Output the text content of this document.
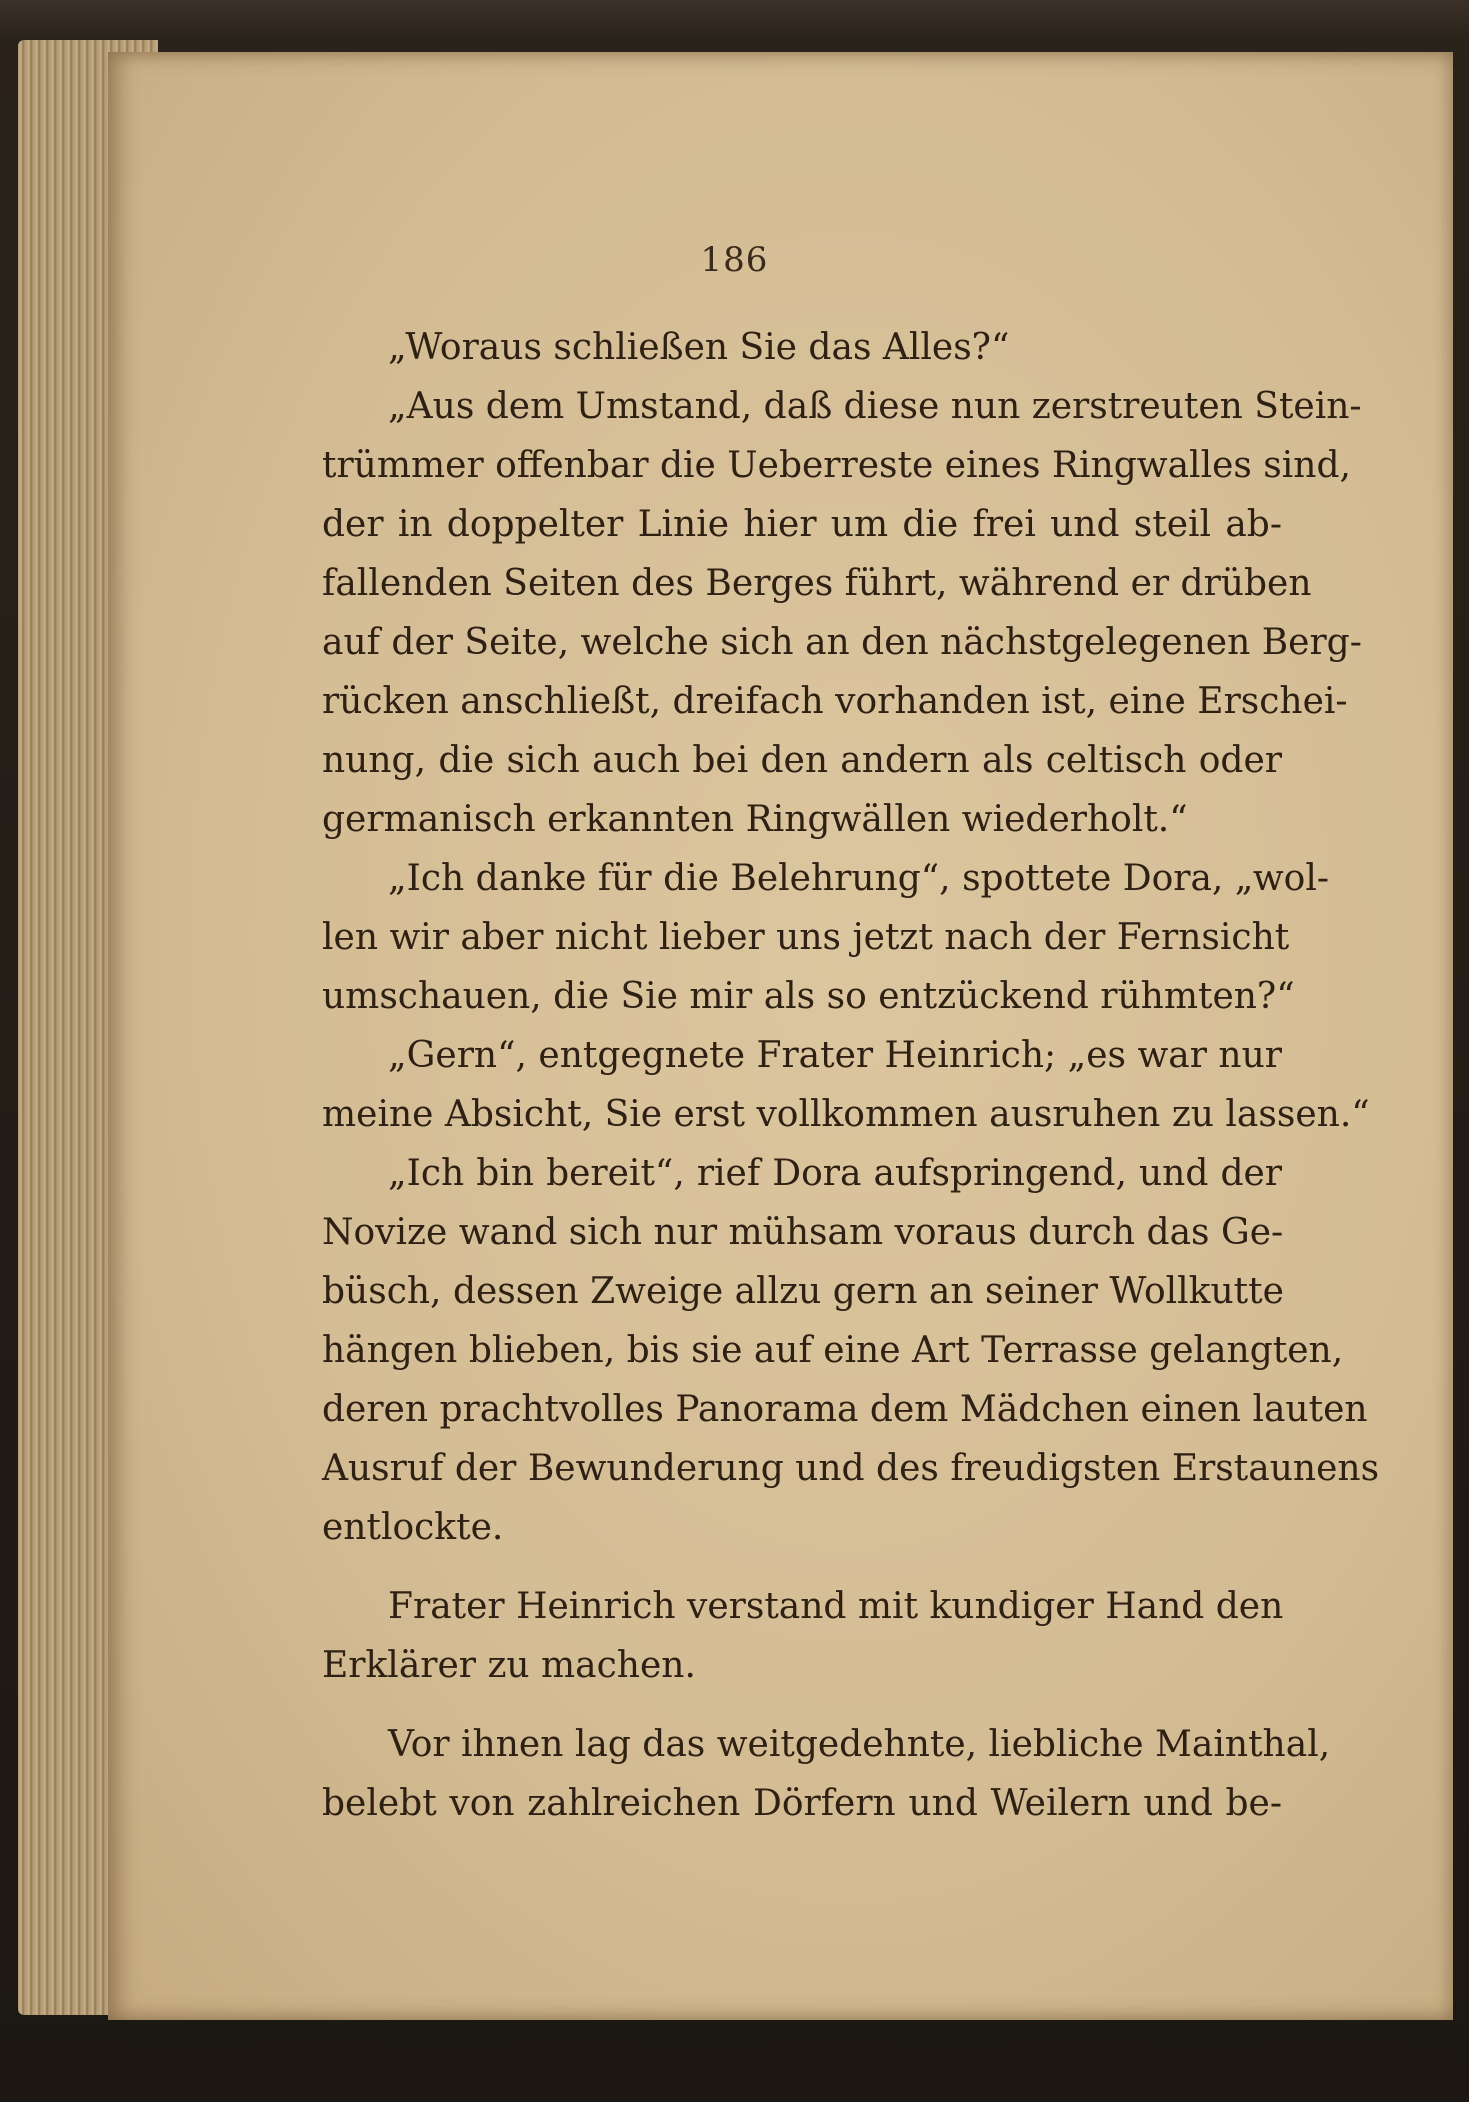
186
„Woraus schließen Sie das Alles?“
„Aus dem Umstand, daß diese nun zerstreuten Stein-
trümmer offenbar die Ueberreste eines Ringwalles sind,
der in doppelter Linie hier um die frei und steil ab-
fallenden Seiten des Berges führt, während er drüben
auf der Seite, welche sich an den nächstgelegenen Berg-
rücken anschließt, dreifach vorhanden ist, eine Erschei-
nung, die sich auch bei den andern als celtisch oder
germanisch erkannten Ringwällen wiederholt.“
„Ich danke für die Belehrung“, spottete Dora, „wol-
len wir aber nicht lieber uns jetzt nach der Fernsicht
umschauen, die Sie mir als so entzückend rühmten?“
„Gern“, entgegnete Frater Heinrich; „es war nur
meine Absicht, Sie erst vollkommen ausruhen zu lassen.“
„Ich bin bereit“, rief Dora aufspringend, und der
Novize wand sich nur mühsam voraus durch das Ge-
büsch, dessen Zweige allzu gern an seiner Wollkutte
hängen blieben, bis sie auf eine Art Terrasse gelangten,
deren prachtvolles Panorama dem Mädchen einen lauten
Ausruf der Bewunderung und des freudigsten Erstaunens
entlockte.
Frater Heinrich verstand mit kundiger Hand den
Erklärer zu machen.
Vor ihnen lag das weitgedehnte, liebliche Mainthal,
belebt von zahlreichen Dörfern und Weilern und be-
